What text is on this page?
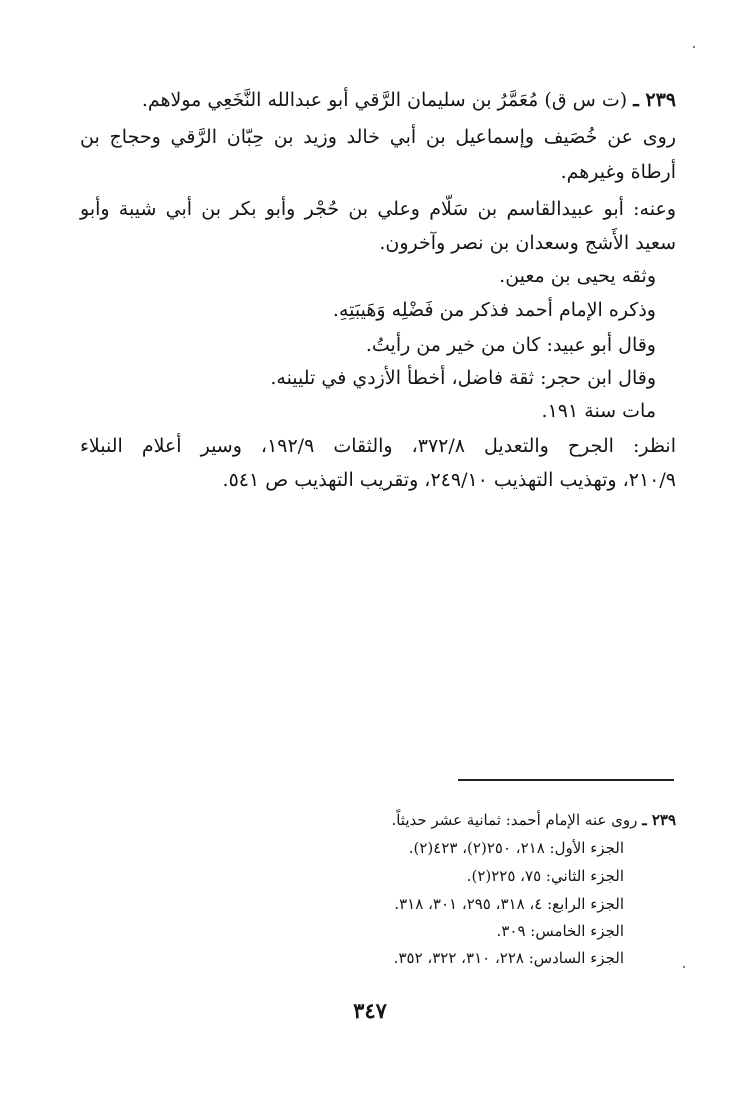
٢٣٩ ـ (ت س ق) مُعَمَّرُ بن سليمان الرَّقي أبو عبدالله النَّخَعِي مولاهم.
روى عن خُصَيف وإسماعيل بن أبي خالد وزيد بن حِبّان الرَّقي وحجاج بن
أرطاة وغيرهم.
وعنه: أبو عبيدالقاسم بن سَلّام وعلي بن حُجْر وأبو بكر بن أبي شيبة وأبو
سعيد الأَشج وسعدان بن نصر وآخرون.
وثقه يحيى بن معين.
وذكره الإمام أحمد فذكر من فَضْلِه وَهَيبَتِهِ.
وقال أبو عبيد: كان من خير من رأيتُ.
وقال ابن حجر: ثقة فاضل، أخطأ الأزدي في تليينه.
مات سنة ١٩١.
انظر: الجرح والتعديل ٣٧٢/٨، والثقات ١٩٢/٩، وسير أعلام النبلاء
٢١٠/٩، وتهذيب التهذيب ٢٤٩/١٠، وتقريب التهذيب ص ٥٤١.
٢٣٩ ـ روى عنه الإمام أحمد: ثمانية عشر حديثاً.
الجزء الأول: ٢١٨، ٢٥٠(٢)، ٤٢٣(٢).
الجزء الثاني: ٧٥، ٢٢٥(٢).
الجزء الرابع: ٤، ٣١٨، ٢٩٥، ٣٠١، ٣١٨.
الجزء الخامس: ٣٠٩.
الجزء السادس: ٢٢٨، ٣١٠، ٣٢٢، ٣٥٢.
٣٤٧
